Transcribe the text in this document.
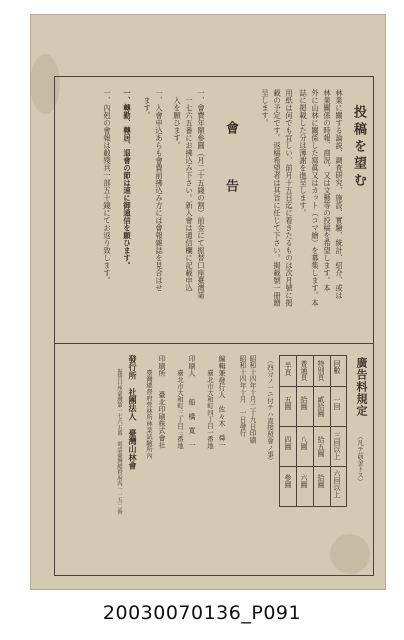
投稿を望む
林業に關する論説、調査研究、施設、實驗、統計、紹介、或は
林業關係の時報、商況、又は文藝等の投稿を希望します。本
外に山林に關係した寫眞又はカット（コマ繪）を募集します。本
誌に掲載した分は薄謝を進呈します。
用紙は何でも宜しい、前月十五日迄に着きたるものは次月號に掲
載の予定です。返稿希望者は其旨に任じて下さい。掲載號一冊贈
呈します。
會　告
一、會費年額參圓（月二十五錢の割）前金にて振替口座臺灣第
　一七六五番にお拂込み下さい。新入會は通信欄に記載申込
　入を願ひます。
一、入會申込あらも會費前拂込み方には會報雜誌を見合はせ
　ます。
一、轉勤、轉居、退會の節は速に御通信を願ひます。
一、內剋の會報は敝殘共一部五十錢にてお返り致します。
廣告料規定
（凡テ前金トス）
回數
一回
三回以上
六回以上
特別頁
貳拾圓
拾五圓
拾圓
普通頁
拾圓
八圓
六圓
半頁
五圓
四圓
參圓
（四分ノ一ニ付テハ直接照會ノ事）
昭和十四年十月二十九日印刷
昭和十四年十月　一日發行
編輯兼發行人　佐々木　舜一
　臺北市大和町四丁目一番地
印刷人　　　船　橋　寬　一
　臺北市大和町三丁目三番地
印刷所　　臺北印刷株式會社
　臺灣總督府營林所林業試驗所內
發行所　社團法人　臺灣山林會
　振替口座臺灣第一七六五番　電話臺灣總督府內一一五二番
20030070136_P091
